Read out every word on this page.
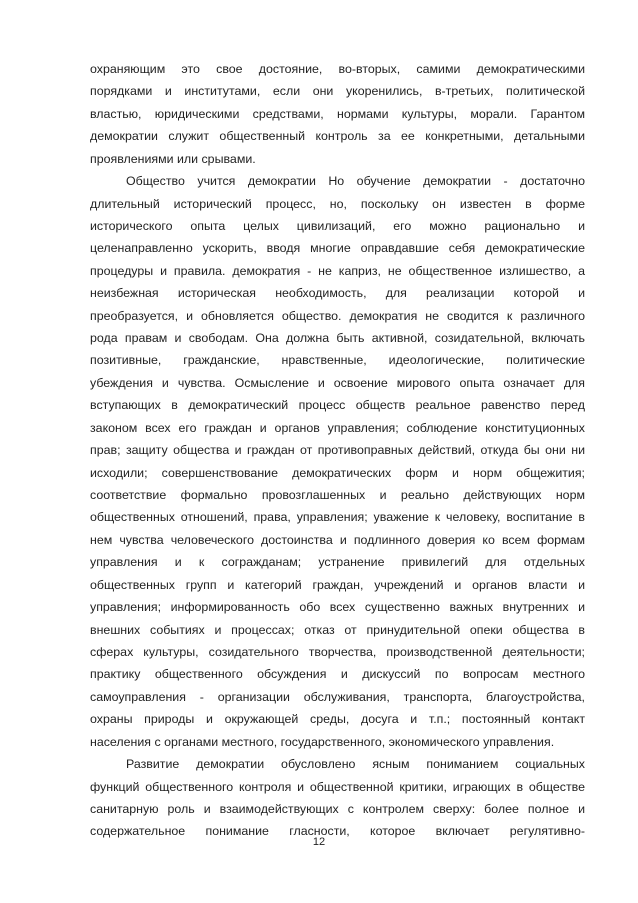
охраняющим это свое достояние, во-вторых, самими демократическими
порядками и институтами, если они укоренились, в-третьих, политической
властью, юридическими средствами, нормами культуры, морали. Гарантом
демократии служит общественный контроль за ее конкретными, детальными
проявлениями или срывами.
Общество учится демократии Но обучение демократии - достаточно
длительный исторический процесс, но, поскольку он известен в форме
исторического опыта целых цивилизаций, его можно рационально и
целенаправленно ускорить, вводя многие оправдавшие себя демократические
процедуры и правила. демократия - не каприз, не общественное излишество, а
неизбежная историческая необходимость, для реализации которой и
преобразуется, и обновляется общество. демократия не сводится к различного
рода правам и свободам. Она должна быть активной, созидательной, включать
позитивные, гражданские, нравственные, идеологические, политические
убеждения и чувства. Осмысление и освоение мирового опыта означает для
вступающих в демократический процесс обществ реальное равенство перед
законом всех его граждан и органов управления; соблюдение конституционных
прав; защиту общества и граждан от противоправных действий, откуда бы они ни
исходили; совершенствование демократических форм и норм общежития;
соответствие формально провозглашенных и реально действующих норм
общественных отношений, права, управления; уважение к человеку, воспитание в
нем чувства человеческого достоинства и подлинного доверия ко всем формам
управления и к согражданам; устранение привилегий для отдельных
общественных групп и категорий граждан, учреждений и органов власти и
управления; информированность обо всех существенно важных внутренних и
внешних событиях и процессах; отказ от принудительной опеки общества в
сферах культуры, созидательного творчества, производственной деятельности;
практику общественного обсуждения и дискуссий по вопросам местного
самоуправления - организации обслуживания, транспорта, благоустройства,
охраны природы и окружающей среды, досуга и т.п.; постоянный контакт
населения с органами местного, государственного, экономического управления.
Развитие демократии обусловлено ясным пониманием социальных
функций общественного контроля и общественной критики, играющих в обществе
санитарную роль и взаимодействующих с контролем сверху: более полное и
содержательное понимание гласности, которое включает регулятивно-
12
